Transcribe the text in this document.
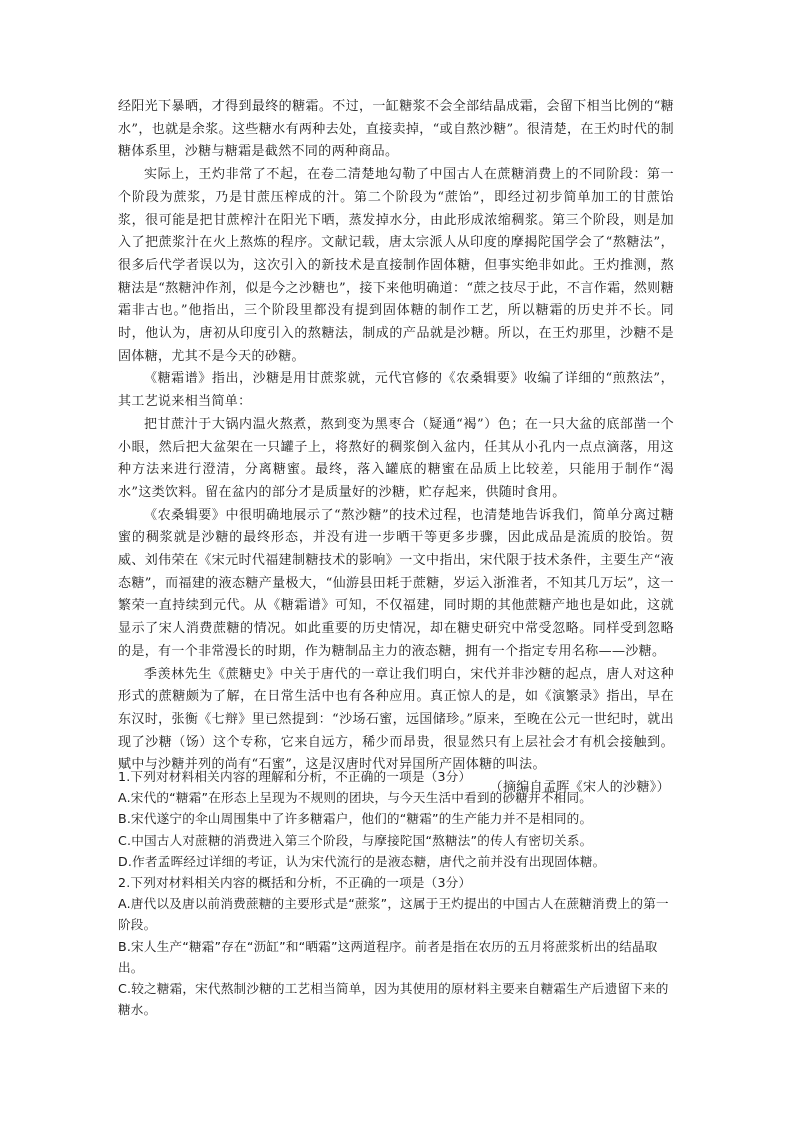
经阳光下暴晒，才得到最终的糖霜。不过，一缸糖浆不会全部结晶成霜，会留下相当比例的“糖水”，也就是余浆。这些糖水有两种去处，直接卖掉，“或自熬沙糖”。很清楚，在王灼时代的制糖体系里，沙糖与糖霜是截然不同的两种商品。

实际上，王灼非常了不起，在卷二清楚地勾勒了中国古人在蔗糖消费上的不同阶段：第一个阶段为蔗浆，乃是甘蔗压榨成的汁。第二个阶段为“蔗饴”，即经过初步简单加工的甘蔗饴浆，很可能是把甘蔗榨汁在阳光下晒，蒸发掉水分，由此形成浓缩稠浆。第三个阶段，则是加入了把蔗浆汁在火上熬炼的程序。文献记载，唐太宗派人从印度的摩揭陀国学会了“熬糖法”，很多后代学者误以为，这次引入的新技术是直接制作固体糖，但事实绝非如此。王灼推测，熬糖法是“熬糖沖作剂，似是今之沙糖也”，接下来他明确道：“蔗之技尽于此，不言作霜，然则糖霜非古也。”他指出，三个阶段里都没有提到固体糖的制作工艺，所以糖霜的历史并不长。同时，他认为，唐初从印度引入的熬糖法，制成的产品就是沙糖。所以，在王灼那里，沙糖不是固体糖，尤其不是今天的砂糖。

《糖霜谱》指出，沙糖是用甘蔗浆就，元代官修的《农桑辑要》收编了详细的“煎熬法”，其工艺说来相当简单：

把甘蔗汁于大锅内温火熬煮，熬到变为黑枣合（疑通“褐”）色；在一只大盆的底部凿一个小眼，然后把大盆架在一只罐子上，将熬好的稠浆倒入盆内，任其从小孔内一点点滴落，用这种方法来进行澄清，分离糖蜜。最终，落入罐底的糖蜜在品质上比较差，只能用于制作“渴水”这类饮料。留在盆内的部分才是质量好的沙糖，贮存起来，供随时食用。

《农桑辑要》中很明确地展示了“熬沙糖”的技术过程，也清楚地告诉我们，简单分离过糖蜜的稠浆就是沙糖的最终形态，并没有进一步晒干等更多步骤，因此成品是流质的胶饴。贺威、刘伟荣在《宋元时代福建制糖技术的影响》一文中指出，宋代限于技术条件，主要生产“液态糖”，而福建的液态糖产量极大，“仙游县田耗于蔗糖，岁运入浙淮者，不知其几万坛”，这一繁荣一直持续到元代。从《糖霜谱》可知，不仅福建，同时期的其他蔗糖产地也是如此，这就显示了宋人消费蔗糖的情况。如此重要的历史情况，却在糖史研究中常受忽略。同样受到忽略的是，有一个非常漫长的时期，作为糖制品主力的液态糖，拥有一个指定专用名称——沙糖。

季羡林先生《蔗糖史》中关于唐代的一章让我们明白，宋代并非沙糖的起点，唐人对这种形式的蔗糖颇为了解，在日常生活中也有各种应用。真正惊人的是，如《演繁录》指出，早在东汉时，张衡《七辩》里已然提到：“沙场石蜜，远国储珍。”原来，至晚在公元一世纪时，就出现了沙糖（饧）这个专称，它来自远方，稀少而昂贵，很显然只有上层社会才有机会接触到。赋中与沙糖并列的尚有“石蜜”，这是汉唐时代对异国所产固体糖的叫法。

（摘编自孟晖《宋人的沙糖》）

1.下列对材料相关内容的理解和分析，不正确的一项是（3分）

A.宋代的“糖霜”在形态上呈现为不规则的团块，与今天生活中看到的砂糖并不相同。

B.宋代遂宁的伞山周围集中了许多糖霜户，他们的“糖霜”的生产能力并不是相同的。

C.中国古人对蔗糖的消费进入第三个阶段，与摩接陀国“熬糖法”的传人有密切关系。

D.作者孟晖经过详细的考证，认为宋代流行的是液态糖，唐代之前并没有出现固体糖。

2.下列对材料相关内容的概括和分析，不正确的一项是（3分）

A.唐代以及唐以前消费蔗糖的主要形式是“蔗浆”，这属于王灼提出的中国古人在蔗糖消费上的第一阶段。

B.宋人生产“糖霜”存在“沥缸”和“晒霜”这两道程序。前者是指在农历的五月将蔗浆析出的结晶取出。

C.较之糖霜，宋代熬制沙糖的工艺相当简单，因为其使用的原材料主要来自糖霜生产后遗留下来的糖水。
